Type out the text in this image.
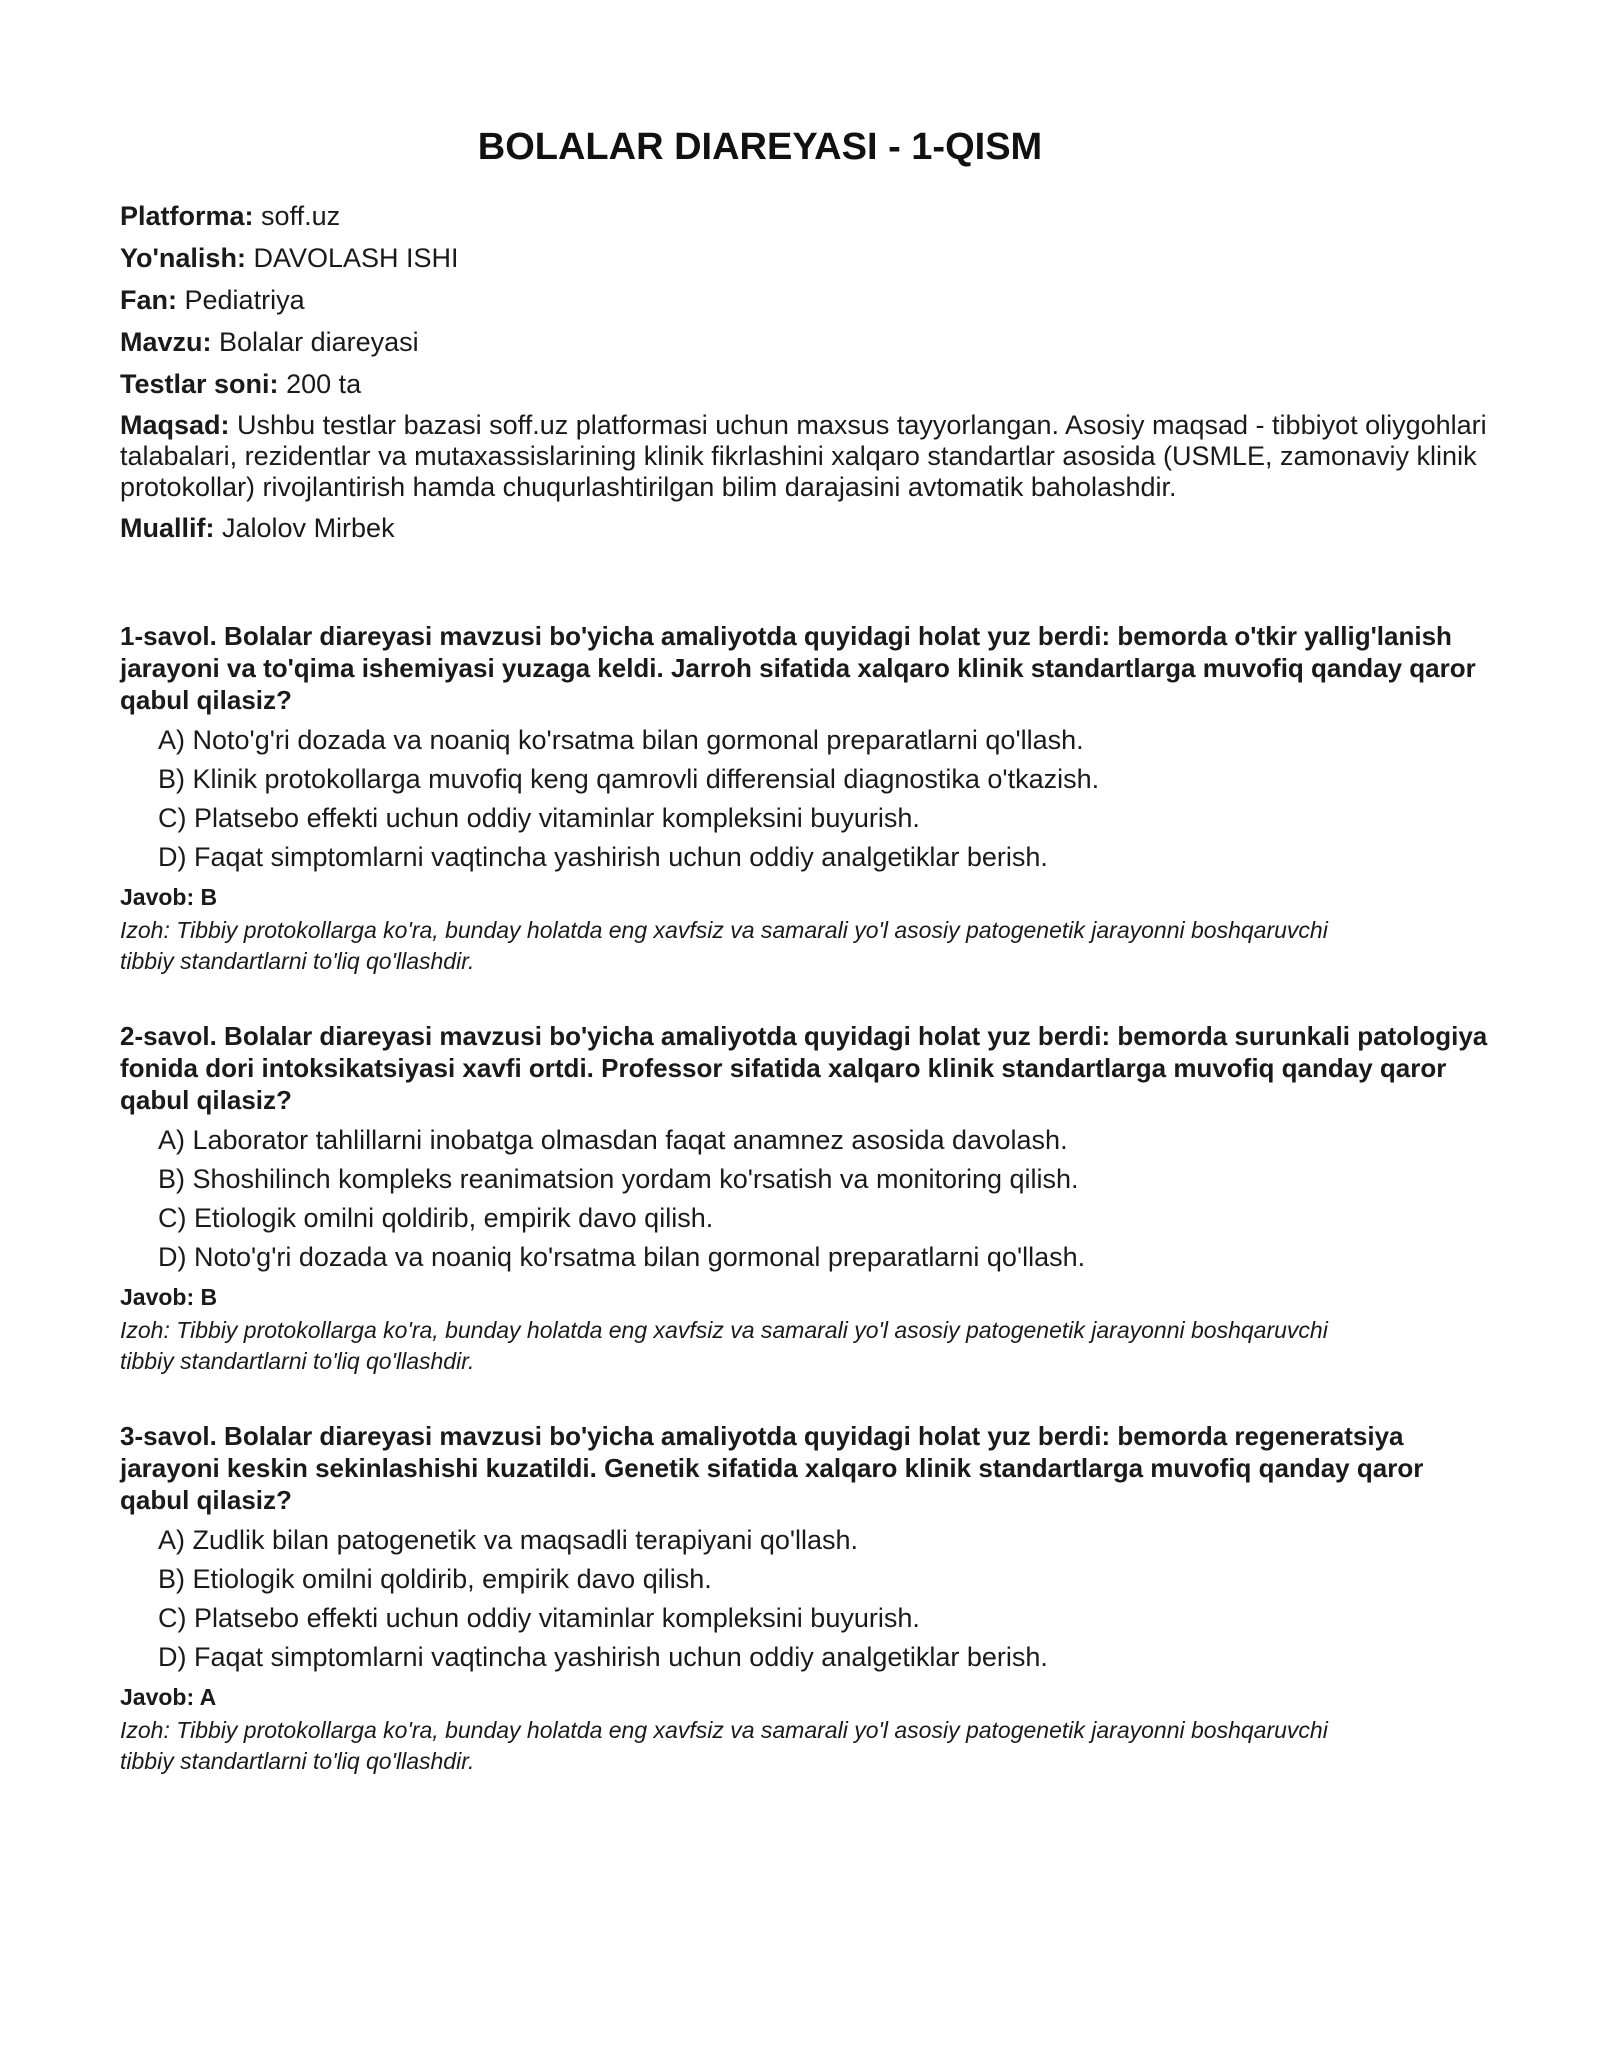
BOLALAR DIAREYASI - 1-QISM
Platforma: soff.uz
Yo'nalish: DAVOLASH ISHI
Fan: Pediatriya
Mavzu: Bolalar diareyasi
Testlar soni: 200 ta
Maqsad: Ushbu testlar bazasi soff.uz platformasi uchun maxsus tayyorlangan. Asosiy maqsad - tibbiyot oliygohlari talabalari, rezidentlar va mutaxassislarining klinik fikrlashini xalqaro standartlar asosida (USMLE, zamonaviy klinik protokollar) rivojlantirish hamda chuqurlashtirilgan bilim darajasini avtomatik baholashdir.
Muallif: Jalolov Mirbek

1-savol. Bolalar diareyasi mavzusi bo'yicha amaliyotda quyidagi holat yuz berdi: bemorda o'tkir yallig'lanish jarayoni va to'qima ishemiyasi yuzaga keldi. Jarroh sifatida xalqaro klinik standartlarga muvofiq qanday qaror qabul qilasiz?

A) Noto'g'ri dozada va noaniq ko'rsatma bilan gormonal preparatlarni qo'llash.
B) Klinik protokollarga muvofiq keng qamrovli differensial diagnostika o'tkazish.
C) Platsebo effekti uchun oddiy vitaminlar kompleksini buyurish.
D) Faqat simptomlarni vaqtincha yashirish uchun oddiy analgetiklar berish.
Javob: B
Izoh: Tibbiy protokollarga ko'ra, bunday holatda eng xavfsiz va samarali yo'l asosiy patogenetik jarayonni boshqaruvchi tibbiy standartlarni to'liq qo'llashdir.

2-savol. Bolalar diareyasi mavzusi bo'yicha amaliyotda quyidagi holat yuz berdi: bemorda surunkali patologiya fonida dori intoksikatsiyasi xavfi ortdi. Professor sifatida xalqaro klinik standartlarga muvofiq qanday qaror qabul qilasiz?

A) Laborator tahlillarni inobatga olmasdan faqat anamnez asosida davolash.
B) Shoshilinch kompleks reanimatsion yordam ko'rsatish va monitoring qilish.
C) Etiologik omilni qoldirib, empirik davo qilish.
D) Noto'g'ri dozada va noaniq ko'rsatma bilan gormonal preparatlarni qo'llash.
Javob: B
Izoh: Tibbiy protokollarga ko'ra, bunday holatda eng xavfsiz va samarali yo'l asosiy patogenetik jarayonni boshqaruvchi tibbiy standartlarni to'liq qo'llashdir.

3-savol. Bolalar diareyasi mavzusi bo'yicha amaliyotda quyidagi holat yuz berdi: bemorda regeneratsiya jarayoni keskin sekinlashishi kuzatildi. Genetik sifatida xalqaro klinik standartlarga muvofiq qanday qaror qabul qilasiz?

A) Zudlik bilan patogenetik va maqsadli terapiyani qo'llash.
B) Etiologik omilni qoldirib, empirik davo qilish.
C) Platsebo effekti uchun oddiy vitaminlar kompleksini buyurish.
D) Faqat simptomlarni vaqtincha yashirish uchun oddiy analgetiklar berish.
Javob: A
Izoh: Tibbiy protokollarga ko'ra, bunday holatda eng xavfsiz va samarali yo'l asosiy patogenetik jarayonni boshqaruvchi tibbiy standartlarni to'liq qo'llashdir.
